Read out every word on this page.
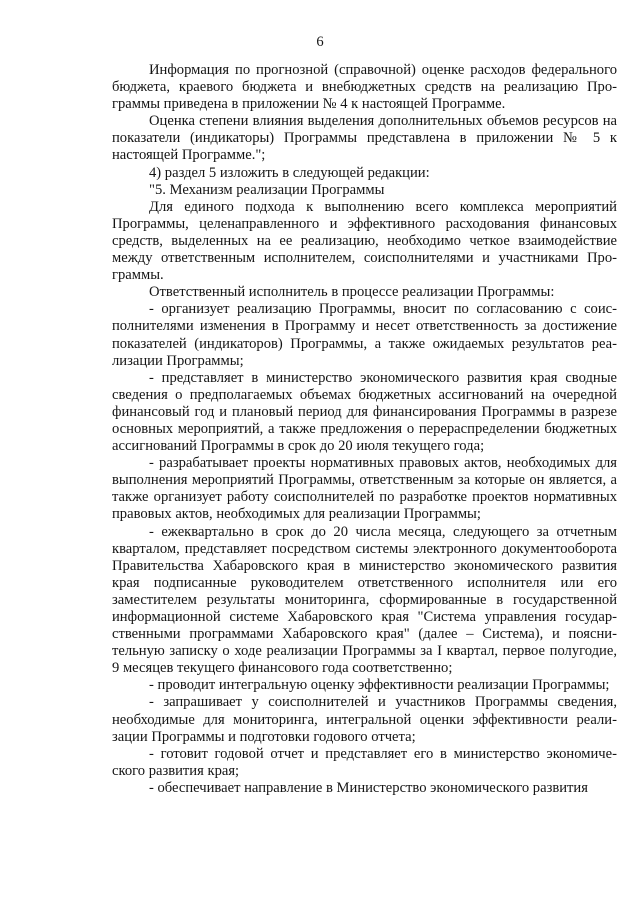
6

Информация по прогнозной (справочной) оценке расходов федерального бюджета, краевого бюджета и внебюджетных средств на реализацию Программы приведена в приложении № 4 к настоящей Программе.

Оценка степени влияния выделения дополнительных объемов ресурсов на показатели (индикаторы) Программы представлена в приложении № 5 к настоящей Программе.";

4) раздел 5 изложить в следующей редакции:

"5. Механизм реализации Программы

Для единого подхода к выполнению всего комплекса мероприятий Программы, целенаправленного и эффективного расходования финансовых средств, выделенных на ее реализацию, необходимо четкое взаимодействие между ответственным исполнителем, соисполнителями и участниками Программы.

Ответственный исполнитель в процессе реализации Программы:

- организует реализацию Программы, вносит по согласованию с соисполнителями изменения в Программу и несет ответственность за достижение показателей (индикаторов) Программы, а также ожидаемых результатов реализации Программы;

- представляет в министерство экономического развития края сводные сведения о предполагаемых объемах бюджетных ассигнований на очередной финансовый год и плановый период для финансирования Программы в разрезе основных мероприятий, а также предложения о перераспределении бюджетных ассигнований Программы в срок до 20 июля текущего года;

- разрабатывает проекты нормативных правовых актов, необходимых для выполнения мероприятий Программы, ответственным за которые он является, а также организует работу соисполнителей по разработке проектов нормативных правовых актов, необходимых для реализации Программы;

- ежеквартально в срок до 20 числа месяца, следующего за отчетным кварталом, представляет посредством системы электронного документооборота Правительства Хабаровского края в министерство экономического развития края подписанные руководителем ответственного исполнителя или его заместителем результаты мониторинга, сформированные в государственной информационной системе Хабаровского края "Система управления государственными программами Хабаровского края" (далее – Система), и пояснительную записку о ходе реализации Программы за I квартал, первое полугодие, 9 месяцев текущего финансового года соответственно;

- проводит интегральную оценку эффективности реализации Программы;

- запрашивает у соисполнителей и участников Программы сведения, необходимые для мониторинга, интегральной оценки эффективности реализации Программы и подготовки годового отчета;

- готовит годовой отчет и представляет его в министерство экономического развития края;

- обеспечивает направление в Министерство экономического развития
